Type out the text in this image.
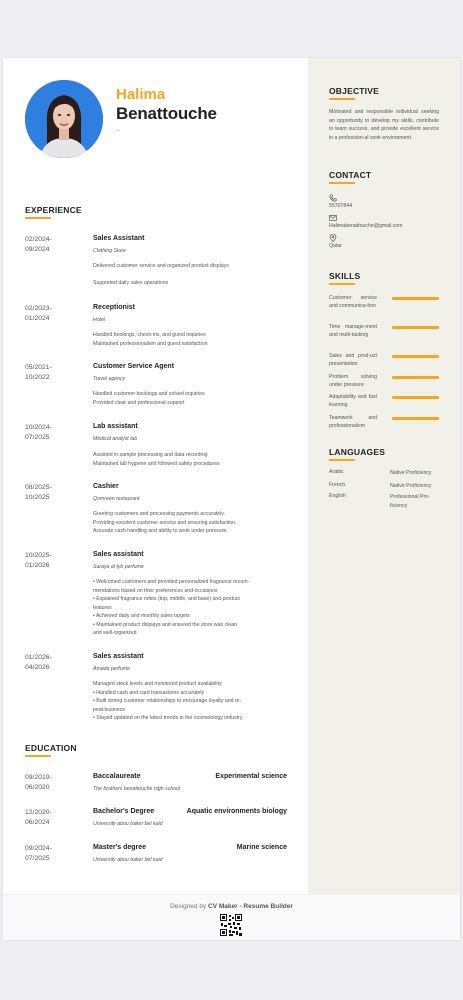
Halima
Benattouche
.
EXPERIENCE
02/2024-
09/2024
Sales Assistant
Clothing Store
Delivered customer service and organized product displays

Supported daily sales operations
02/2023-
01/2024
Receptionist
Hotel
Handled bookings, check-ins, and guest inquiries
Maintained professionalism and guest satisfaction
05/2021-
10/2022
Customer Service Agent
Travel agency
Handled customer bookings and solved inquiries
Provided clear and professional support
10/2024-
07/2025
Lab assistant
Medical analyst lab
Assisted in sample processing and data recording
Maintained lab hygiene and followed safety procedures
08/2025-
10/2025
Cashier
Qomreen restaurant
Greeting customers and processing payments accurately.
Providing excelent customer service and ensuring satisfaction.
Accurate cash handling and ability to work under pressure.
10/2025-
01/2026
Sales assistant
Saraya al tyb perfume
• Welcomed customers and provided personalized fragrance recom-
mendations based on their preferences and occasions
• Explained fragrance notes (top, middle, and base) and product
features
• Achieved daily and monthly sales targets
• Maintained product displays and ensured the store was clean
and well-organized
01/2026-
04/2026
Sales assistant
Amada perfume
Managed stock levels and monitored product availability
• Handled cash and card transactions accurately
• Built strong customer relationships to encourage loyalty and re-
peat business
• Stayed updated on the latest trends in the cosmetology industry
EDUCATION
09/2019-
06/2020
Baccalaureate	Experimental science
The brothers benattouche high school
12/2020-
06/2024
Bachelor's Degree	Aquatic environments biology
University abou baker bel kaid
09/2024-
07/2025
Master's degree	Marine science
University abou baker bel kaid
OBJECTIVE
Motivated and responsible individual seeking an opportunity to develop my skills, contribute to team success, and provide excellent service in a profession-al work environment
CONTACT
55707844
Halimabenattouche@gmail.com
Qatar
SKILLS
Customer service and communica-tion
Time manage-ment and multi-tasking
Sales and prod-uct presentation
Problem solving under pressure
Adaptability and fast learning
Teamwork and professionalism
LANGUAGES
Arabic	Native Proficiency
French	Native Proficiency
English	Professional Pro-ficiency
Designed by CV Maker - Resume Builder
